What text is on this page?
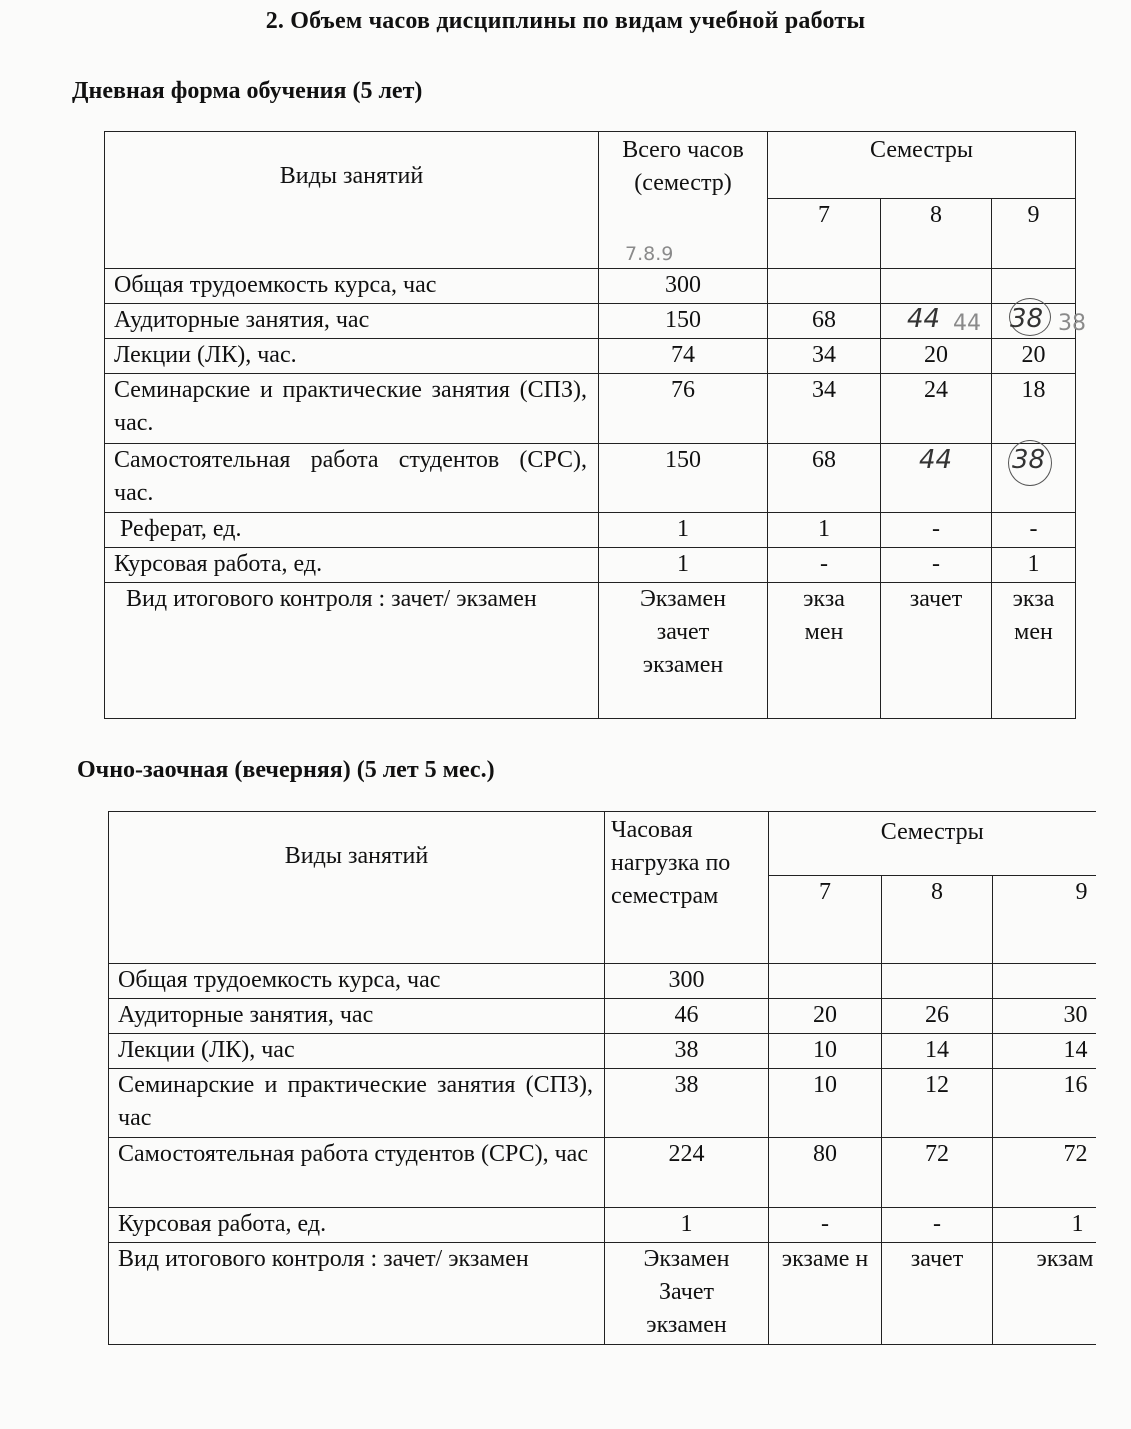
2. Объем часов дисциплины по видам учебной работы
Дневная форма обучения (5 лет)
Виды занятий	Всего часов (семестр)
7.8.9	Семестры		
		7	8	9
Общая трудоемкость курса, час	300			
Аудиторные занятия, час	150	68	44 44	38 38

Лекции (ЛК), час.	74	34	20	20
Семинарские и практические занятия (СПЗ), час.	76	34	24	18
Самостоятельная работа студентов (СРС), час.	150	68	44	38

Реферат, ед.	1	1	-	-
Курсовая работа, ед.	1	-	-	1
Вид итогового контроля : зачет/ экзамен	Экзамен зачет экзамен	экза мен	зачет	экза мен
Очно-заочная (вечерняя) (5 лет 5 мес.)
Виды занятий	Часовая нагрузка по семестрам	Семестры		
		7	8	9
Общая трудоемкость курса, час	300			
Аудиторные занятия, час	46	20	26	30
Лекции (ЛК), час	38	10	14	14
Семинарские и практические занятия (СПЗ), час	38	10	12	16
Самостоятельная работа студентов (СРС), час	224	80	72	72
Курсовая работа, ед.	1	-	-	1
Вид итогового контроля : зачет/ экзамен	Экзамен Зачет экзамен	экзаме н	зачет	экзам
